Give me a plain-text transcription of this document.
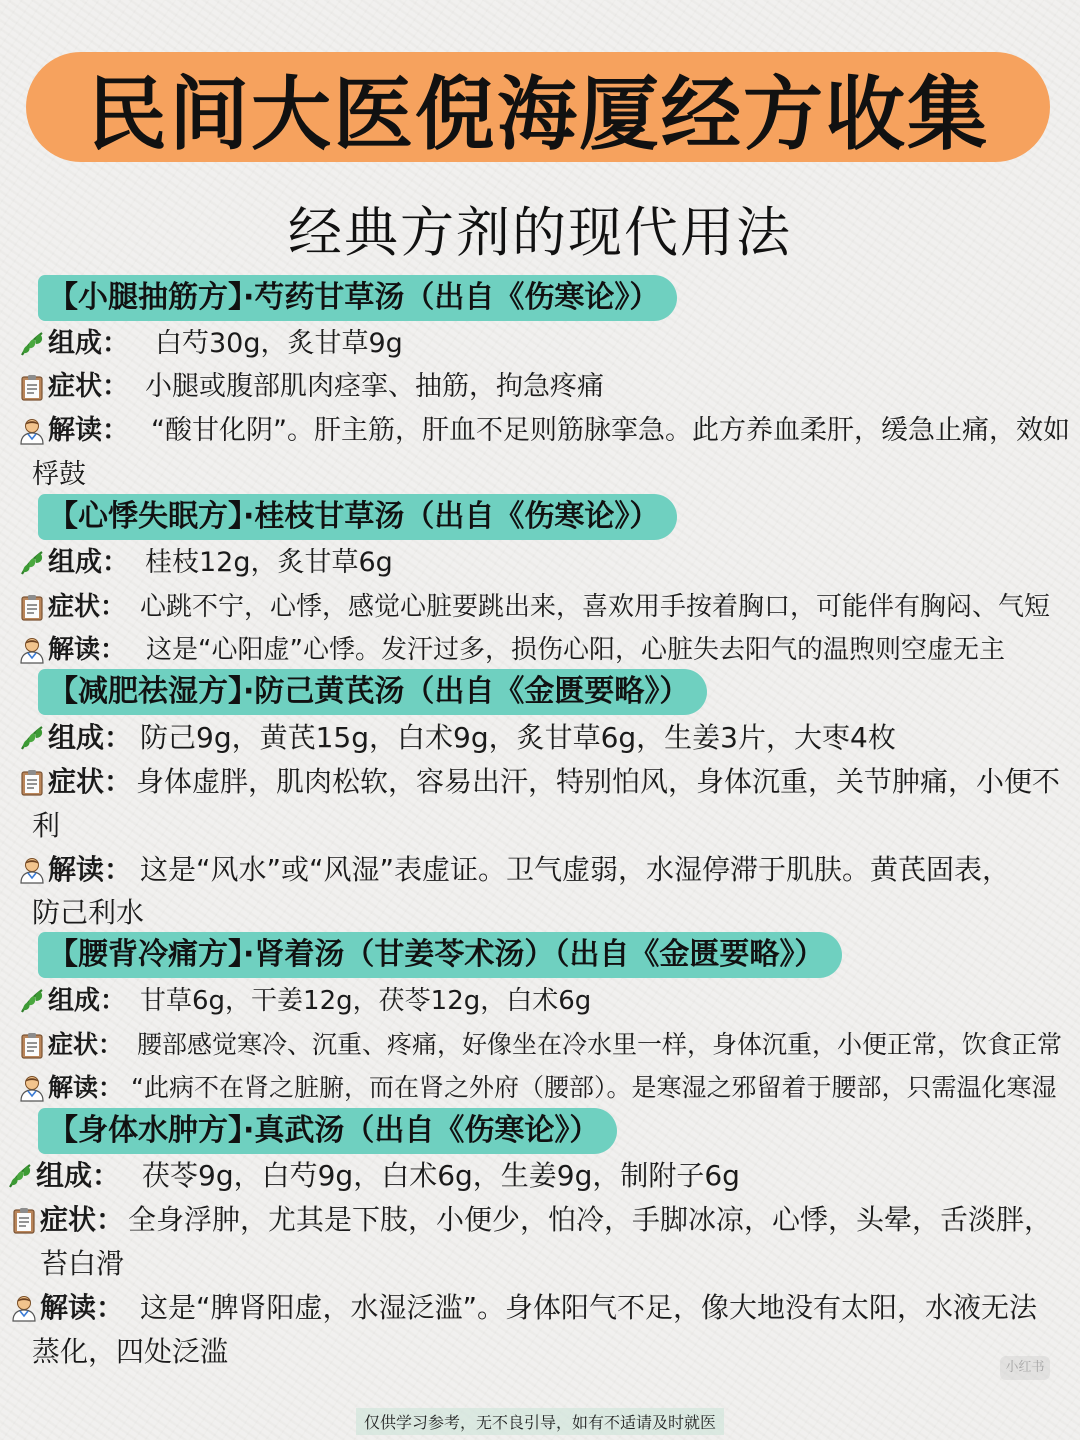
民间大医倪海厦经方收集
经典方剂的现代用法
【小腿抽筋方】·芍药甘草汤（出自《伤寒论》）
组成： 白芍30g，炙甘草9g
症状： 小腿或腹部肌肉痉挛、抽筋，拘急疼痛
解读： “酸甘化阴”。肝主筋，肝血不足则筋脉挛急。此方养血柔肝，缓急止痛，效如
桴鼓
【心悸失眠方】·桂枝甘草汤（出自《伤寒论》）
组成： 桂枝12g，炙甘草6g
症状： 心跳不宁，心悸，感觉心脏要跳出来，喜欢用手按着胸口，可能伴有胸闷、气短
解读： 这是“心阳虚”心悸。发汗过多，损伤心阳，心脏失去阳气的温煦则空虚无主
【减肥祛湿方】·防己黄芪汤（出自《金匮要略》）
组成： 防己9g，黄芪15g，白术9g，炙甘草6g，生姜3片，大枣4枚
症状： 身体虚胖，肌肉松软，容易出汗，特别怕风，身体沉重，关节肿痛，小便不
利
解读： 这是“风水”或“风湿”表虚证。卫气虚弱，水湿停滞于肌肤。黄芪固表，
防己利水
【腰背冷痛方】·肾着汤（甘姜苓术汤）（出自《金匮要略》）
组成： 甘草6g，干姜12g，茯苓12g，白术6g
症状： 腰部感觉寒冷、沉重、疼痛，好像坐在冷水里一样，身体沉重，小便正常，饮食正常
解读： “此病不在肾之脏腑，而在肾之外府（腰部）。是寒湿之邪留着于腰部，只需温化寒湿
【身体水肿方】·真武汤（出自《伤寒论》）
组成： 茯苓9g，白芍9g，白术6g，生姜9g，制附子6g
症状： 全身浮肿，尤其是下肢，小便少，怕冷，手脚冰凉，心悸，头晕，舌淡胖，
苔白滑
解读： 这是“脾肾阳虚，水湿泛滥”。身体阳气不足，像大地没有太阳，水液无法
蒸化，四处泛滥	小红书
仅供学习参考，无不良引导，如有不适请及时就医
